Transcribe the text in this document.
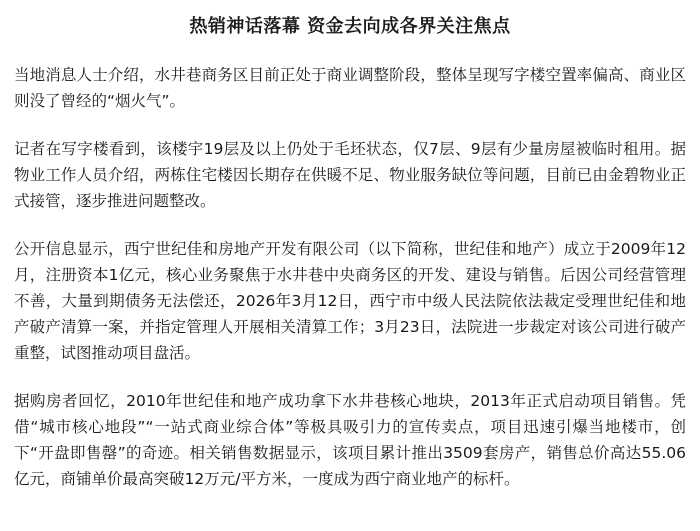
热销神话落幕 资金去向成各界关注焦点

当地消息人士介绍，水井巷商务区目前正处于商业调整阶段，整体呈现写字楼空置率偏高、商业区则没了曾经的“烟火气”。

记者在写字楼看到，该楼宇19层及以上仍处于毛坯状态，仅7层、9层有少量房屋被临时租用。据物业工作人员介绍，两栋住宅楼因长期存在供暖不足、物业服务缺位等问题，目前已由金碧物业正式接管，逐步推进问题整改。

公开信息显示，西宁世纪佳和房地产开发有限公司（以下简称，世纪佳和地产）成立于2009年12月，注册资本1亿元，核心业务聚焦于水井巷中央商务区的开发、建设与销售。后因公司经营管理不善，大量到期债务无法偿还，2026年3月12日，西宁市中级人民法院依法裁定受理世纪佳和地产破产清算一案，并指定管理人开展相关清算工作；3月23日，法院进一步裁定对该公司进行破产重整，试图推动项目盘活。

据购房者回忆，2010年世纪佳和地产成功拿下水井巷核心地块，2013年正式启动项目销售。凭借“城市核心地段”“一站式商业综合体”等极具吸引力的宣传卖点，项目迅速引爆当地楼市，创下“开盘即售罄”的奇迹。相关销售数据显示，该项目累计推出3509套房产，销售总价高达55.06亿元，商铺单价最高突破12万元/平方米，一度成为西宁商业地产的标杆。
